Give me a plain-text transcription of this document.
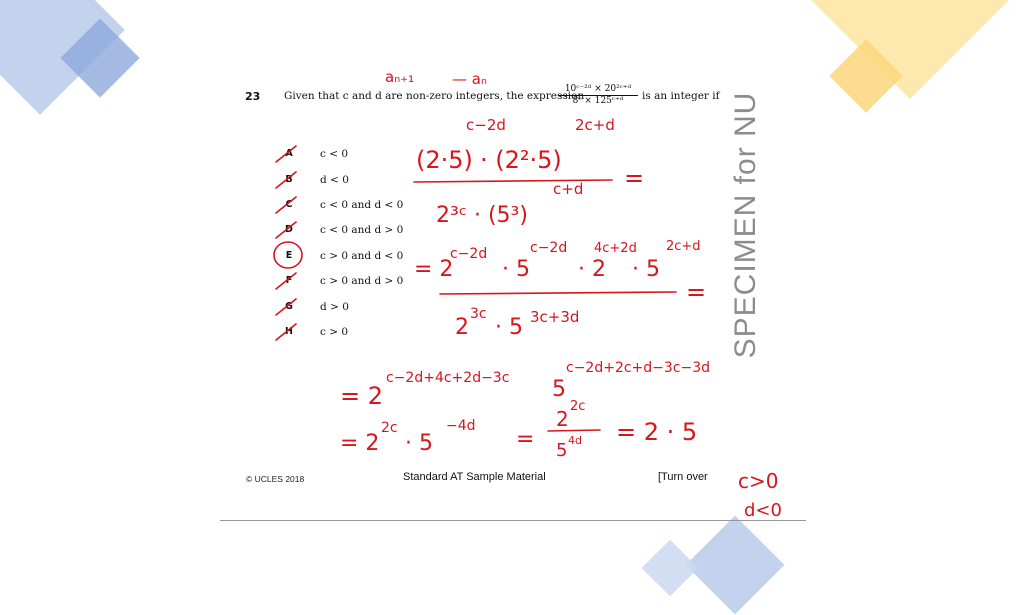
23 Given that c and d are non-zero integers, the expression
$\frac{\text{10ᶜ⁻²ᵈ × 20²ᶜ⁺ᵈ}}{\text{8ᶜ × 125ᶜ⁺ᵈ}}$ is an integer if
A	c < 0
B	d < 0
C	c < 0 and d < 0
D	c < 0 and d > 0
E	c > 0 and d < 0
F	c > 0 and d > 0
G	d > 0
H	c > 0
© UCLES 2018	Standard AT Sample Material	[Turn over
SPECIMEN for NU
aₙ₊₁	— aₙ
c−2d	2c+d
(2·5) · (2²·5)
2³ᶜ · (5³)
c+d =
= 2
c−2d
· 5
c−2d
· 2
4c+2d
· 5
2c+d
2
3c
· 5 3c+3d
=
= 2
c−2d+4c+2d−3c 5
c−2d+2c+d−3c−3d
= 2
2c
· 5
−4d
=
2
2c
5 4d = 2 · 5
c>0
d<0
